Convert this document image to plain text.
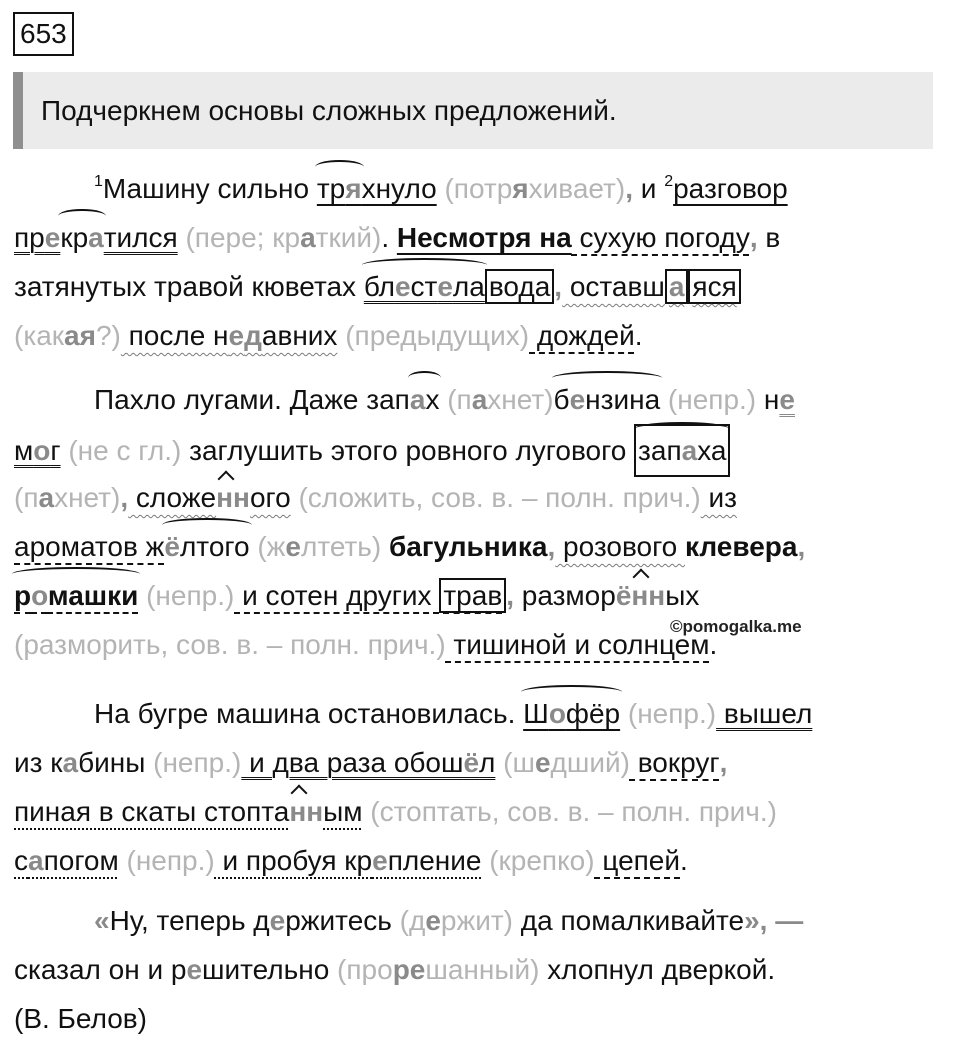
653
Подчеркнем основы сложных предложений.
$^1$Машину сильно тряхнуло (потряхивает), и $^2$разговор
прекратился (пере; краткий). Несмотря на сухую погоду, в
затянутых травой кюветах блестелавода , оставш а яся
(какая?) после недавних (предыдущих) дождей.
Пахло лугами. Даже запах (пахнет)бензина (непр.) не
мог (не с гл.) заглушить этого ровного лугового запаха
(пахнет), сложенного (сложить, сов. в. – полн. прич.) из
ароматов жёлтого (желтеть) багульника, розового клевера,
ромашки (непр.) и сотен других трав , разморённых
(разморить, сов. в. – полн. прич.) тишиной и солнцем.
©pomogalka.me
На бугре машина остановилась. Шофёр (непр.) вышел
из кабины (непр.) и два раза обошёл (шедший) вокруг,
пиная в скаты стоптанным (стоптать, сов. в. – полн. прич.)
сапогом (непр.) и пробуя крепление (крепко) цепей.
«Ну, теперь держитесь (держит) да помалкивайте», —
сказал он и решительно (прорешанный) хлопнул дверкой.
(В. Белов)
